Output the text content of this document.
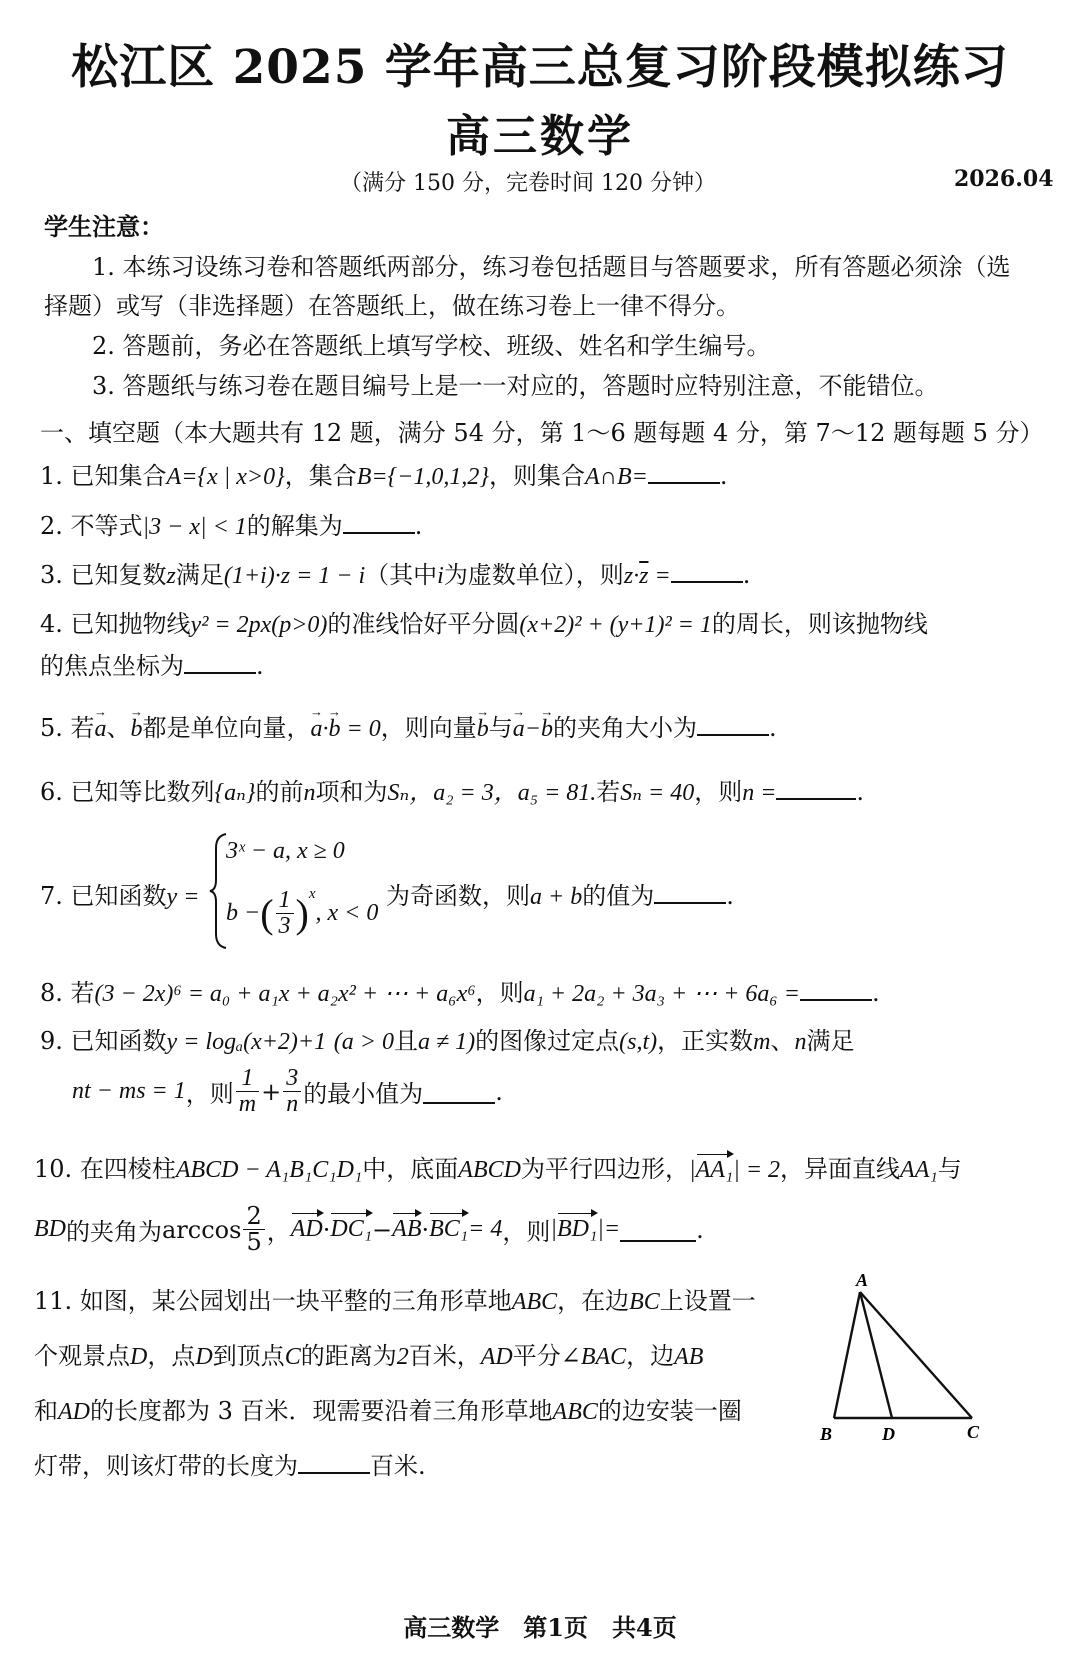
松江区 2025 学年高三总复习阶段模拟练习
高三数学
（满分 150 分，完卷时间 120 分钟）	2026.04
学生注意：
1. 本练习设练习卷和答题纸两部分，练习卷包括题目与答题要求，所有答题必须涂（选
择题）或写（非选择题）在答题纸上，做在练习卷上一律不得分。
2. 答题前，务必在答题纸上填写学校、班级、姓名和学生编号。
3. 答题纸与练习卷在题目编号上是一一对应的，答题时应特别注意，不能错位。
一、填空题（本大题共有 12 题，满分 54 分，第 1～6 题每题 4 分，第 7～12 题每题 5 分）
1. 已知集合A={x | x>0}，集合B={−1,0,1,2}，则集合A∩B=	.
2. 不等式|3 − x| < 1的解集为	.
3. 已知复数z满足(1+i)·z = 1 − i（其中i为虚数单位），则$z\cdot\overline{z}$ =	.
4. 已知抛物线y² = 2px(p>0)的准线恰好平分圆(x+2)² + (y+1)² = 1的周长，则该抛物线
的焦点坐标为	.
5. 若→ a、→ b都是单位向量，→ a·→ b = 0，则向量→ b与→ a−→ b的夹角大小为	.
6. 已知等比数列{aₙ}的前n项和为Sₙ，a₂ = 3，a₅ = 81.若Sₙ = 40，则n =	.
7. 已知函数y =
3ˣ − a, x ≥ 0
b − ( $\frac{1}{3}$ ) x
, x < 0
为奇函数，则a + b的值为	.
8. 若(3 − 2x)⁶ = a₀ + a₁x + a₂x² + ⋯ + a₆x⁶，则a₁ + 2a₂ + 3a₃ + ⋯ + 6a₆ =	.
9. 已知函数y = logₐ(x+2)+1 (a > 0且a ≠ 1)的图像过定点(s,t)，正实数m、n满足
nt − ms = 1 ，则 $\frac{1}{m} + \frac{3}{n}$ 的最小值为	.
10. 在四棱柱ABCD − A₁B₁C₁D₁中，底面ABCD为平行四边形，|AA₁| = 2，异面直线AA₁与
BD 的夹角为 $\arccos \frac{2}{5}$ ， AD · DC₁ − AB · BC₁ = 4 ，则 | BD₁ | =	.
11. 如图，某公园划出一块平整的三角形草地ABC，在边BC上设置一
个观景点D，点D到顶点C的距离为2百米，AD平分∠BAC，边AB
和AD的长度都为 3 百米．现需要沿着三角形草地ABC的边安装一圈
灯带，则该灯带的长度为	百米.
A
B	D	C
高三数学　第1页　共4页
